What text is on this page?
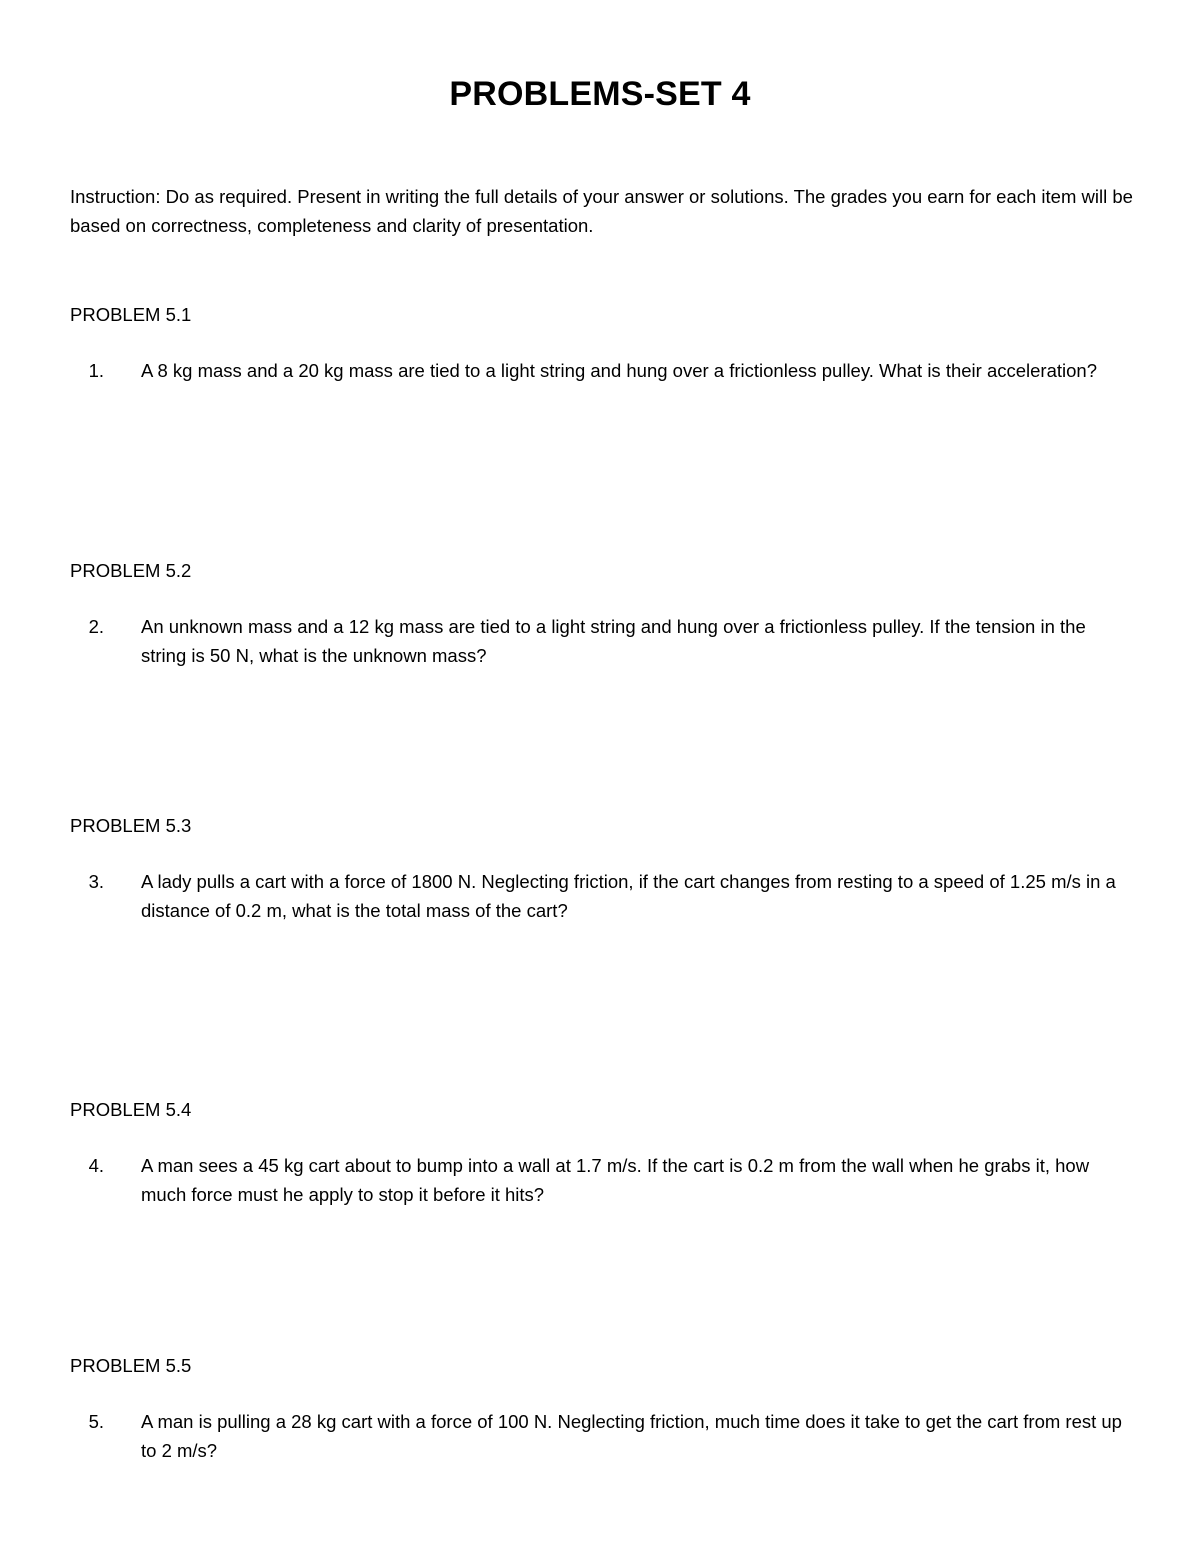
PROBLEMS-SET 4
Instruction: Do as required. Present in writing the full details of your answer or solutions. The grades you earn for each item will be based on correctness, completeness and clarity of presentation.

PROBLEM 5.1

1.	A 8 kg mass and a 20 kg mass are tied to a light string and hung over a frictionless pulley. What is their acceleration?

PROBLEM 5.2

2.	An unknown mass and a 12 kg mass are tied to a light string and hung over a frictionless pulley. If the tension in the string is 50 N, what is the unknown mass?

PROBLEM 5.3

3.	A lady pulls a cart with a force of 1800 N. Neglecting friction, if the cart changes from resting to a speed of 1.25 m/s in a distance of 0.2 m, what is the total mass of the cart?

PROBLEM 5.4

4.	A man sees a 45 kg cart about to bump into a wall at 1.7 m/s. If the cart is 0.2 m from the wall when he grabs it, how much force must he apply to stop it before it hits?

PROBLEM 5.5

5.	A man is pulling a 28 kg cart with a force of 100 N. Neglecting friction, much time does it take to get the cart from rest up to 2 m/s?
